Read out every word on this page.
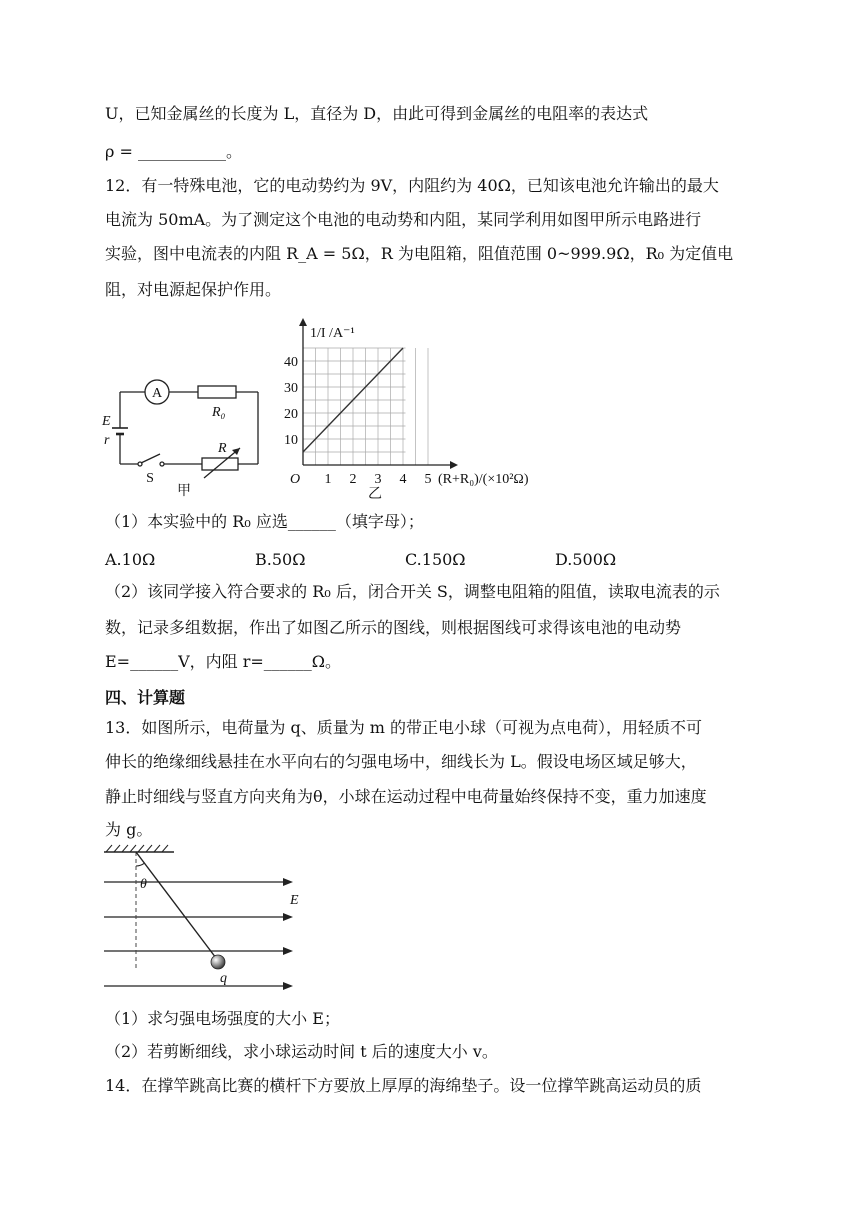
U，已知金属丝的长度为 L，直径为 D，由此可得到金属丝的电阻率的表达式
ρ = ___________。
12．有一特殊电池，它的电动势约为 9V，内阻约为 40Ω，已知该电池允许输出的最大
电流为 50mA。为了测定这个电池的电动势和内阻，某同学利用如图甲所示电路进行
实验，图中电流表的内阻 R_A = 5Ω，R 为电阻箱，阻值范围 0~999.9Ω，R₀ 为定值电
阻，对电源起保护作用。
A
R₀
E
r
S
R
甲
1 2 3 4 5
10
20
30
40
1/I /A⁻¹
(R+R₀)/(×10²Ω)
O
乙
（1）本实验中的 R₀ 应选______（填字母）；
A.10Ω	B.50Ω	C.150Ω	D.500Ω
（2）该同学接入符合要求的 R₀ 后，闭合开关 S，调整电阻箱的阻值，读取电流表的示
数，记录多组数据，作出了如图乙所示的图线，则根据图线可求得该电池的电动势
E=______V，内阻 r=______Ω。
四、计算题
13．如图所示，电荷量为 q、质量为 m 的带正电小球（可视为点电荷），用轻质不可
伸长的绝缘细线悬挂在水平向右的匀强电场中，细线长为 L。假设电场区域足够大，
静止时细线与竖直方向夹角为θ，小球在运动过程中电荷量始终保持不变，重力加速度
为 g。
θ
q
E
（1）求匀强电场强度的大小 E；
（2）若剪断细线，求小球运动时间 t 后的速度大小 v。
14．在撑竿跳高比赛的横杆下方要放上厚厚的海绵垫子。设一位撑竿跳高运动员的质
